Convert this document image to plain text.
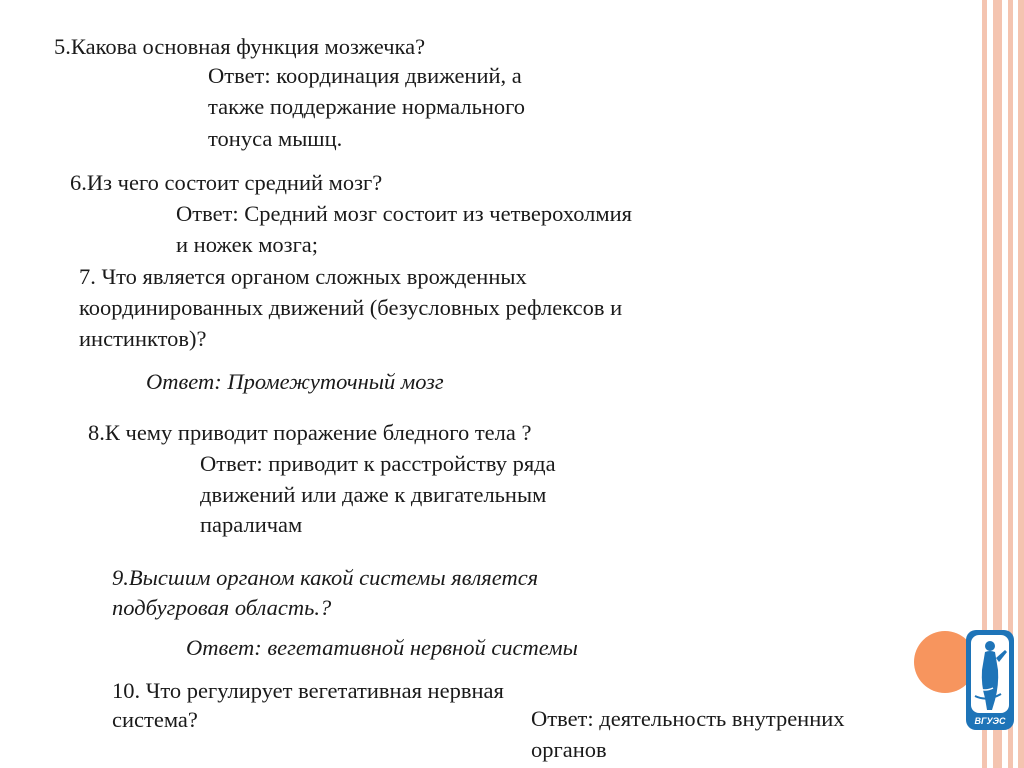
5.Какова основная функция мозжечка?

Ответ: координация движений, а

также поддержание нормального

тонуса мышц.

6.Из чего состоит средний мозг?

Ответ: Средний мозг состоит из четверохолмия

и ножек мозга;

7. Что является органом сложных врожденных

координированных движений (безусловных рефлексов и

инстинктов)?

Ответ: Промежуточный мозг

8.К чему приводит поражение бледного тела ?

Ответ: приводит к расстройству ряда

движений или даже к двигательным

параличам

9.Высшим органом какой системы является

подбугровая область.?

Ответ: вегетативной нервной системы

10. Что регулирует вегетативная нервная

система?	Ответ: деятельность внутренних

органов

ВГУЭС
